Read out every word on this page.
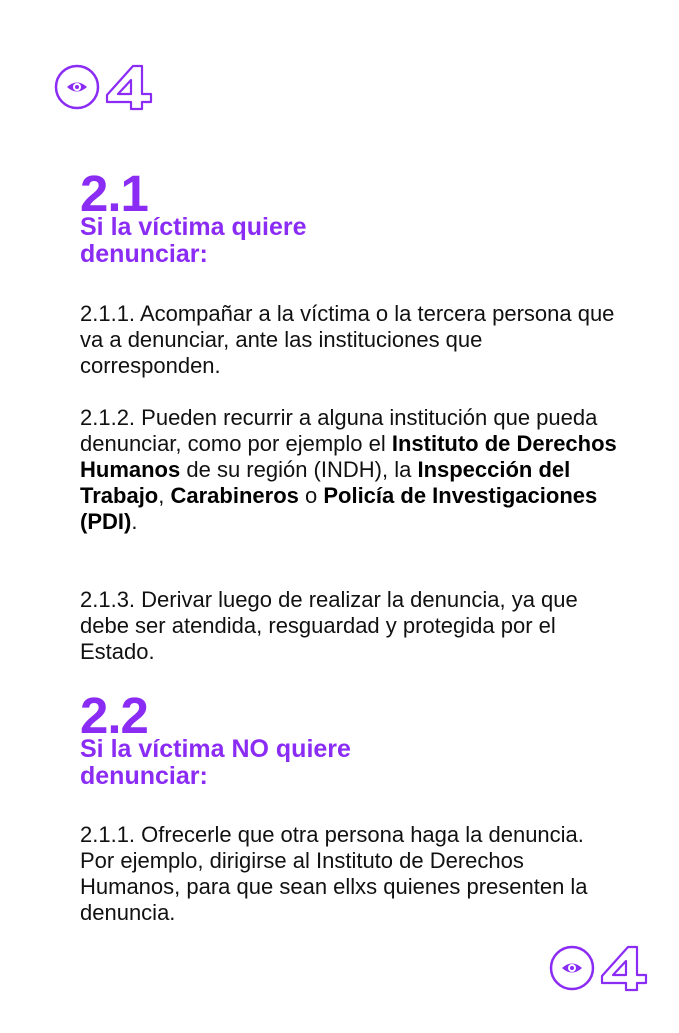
2.1
Si la víctima quiere
denunciar:

2.1.1. Acompañar a la víctima o la tercera persona que va a denunciar, ante las instituciones que corresponden.

2.1.2. Pueden recurrir a alguna institución que pueda denunciar, como por ejemplo el Instituto de Derechos Humanos de su región (INDH), la Inspección del Trabajo, Carabineros o Policía de Investigaciones (PDI).

2.1.3. Derivar luego de realizar la denuncia, ya que debe ser atendida, resguardad y protegida por el Estado.

2.2
Si la víctima NO quiere
denunciar:

2.1.1. Ofrecerle que otra persona haga la denuncia. Por ejemplo, dirigirse al Instituto de Derechos Humanos, para que sean ellxs quienes presenten la denuncia.
